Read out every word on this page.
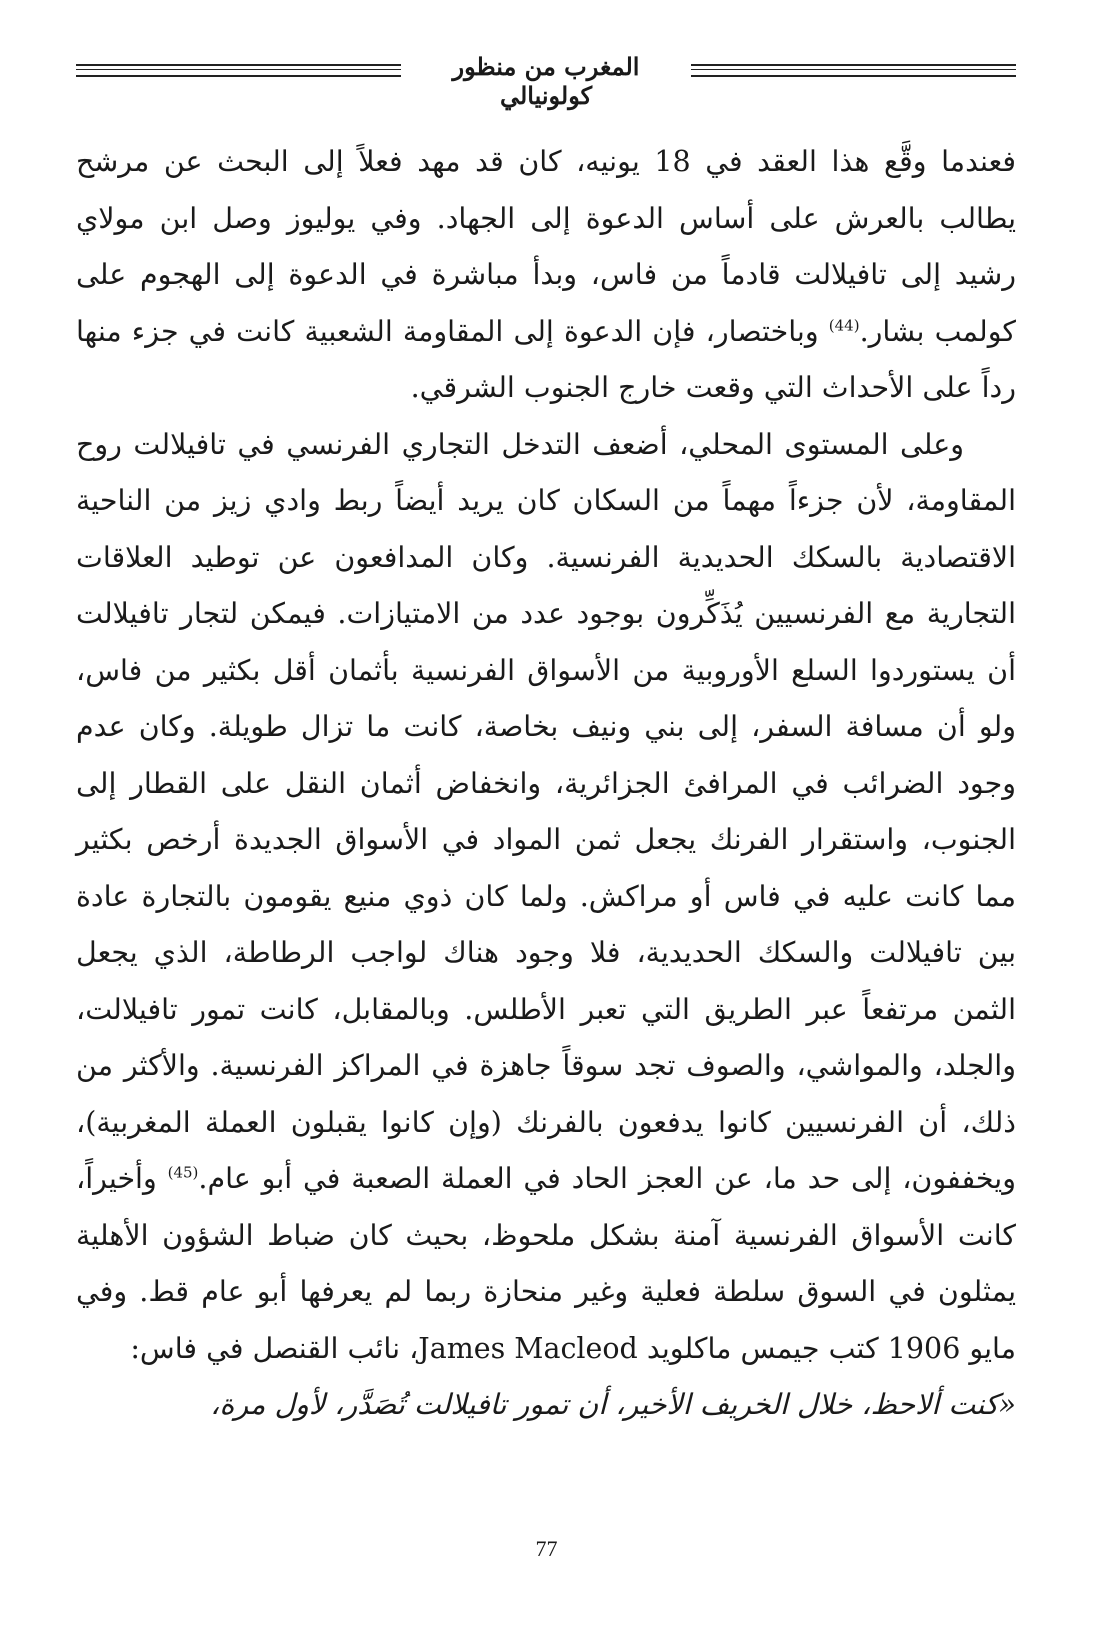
المغرب من منظور كولونيالي

فعندما وقَّع هذا العقد في 18 يونيه، كان قد مهد فعلاً إلى البحث عن مرشح يطالب بالعرش على أساس الدعوة إلى الجهاد. وفي يوليوز وصل ابن مولاي رشيد إلى تافيلالت قادماً من فاس، وبدأ مباشرة في الدعوة إلى الهجوم على كولمب بشار.$^{(44)}$ وباختصار، فإن الدعوة إلى المقاومة الشعبية كانت في جزء منها رداً على الأحداث التي وقعت خارج الجنوب الشرقي.

وعلى المستوى المحلي، أضعف التدخل التجاري الفرنسي في تافيلالت روح المقاومة، لأن جزءاً مهماً من السكان كان يريد أيضاً ربط وادي زيز من الناحية الاقتصادية بالسكك الحديدية الفرنسية. وكان المدافعون عن توطيد العلاقات التجارية مع الفرنسيين يُذَكِّرون بوجود عدد من الامتيازات. فيمكن لتجار تافيلالت أن يستوردوا السلع الأوروبية من الأسواق الفرنسية بأثمان أقل بكثير من فاس، ولو أن مسافة السفر، إلى بني ونيف بخاصة، كانت ما تزال طويلة. وكان عدم وجود الضرائب في المرافئ الجزائرية، وانخفاض أثمان النقل على القطار إلى الجنوب، واستقرار الفرنك يجعل ثمن المواد في الأسواق الجديدة أرخص بكثير مما كانت عليه في فاس أو مراكش. ولما كان ذوي منيع يقومون بالتجارة عادة بين تافيلالت والسكك الحديدية، فلا وجود هناك لواجب الرطاطة، الذي يجعل الثمن مرتفعاً عبر الطريق التي تعبر الأطلس. وبالمقابل، كانت تمور تافيلالت، والجلد، والمواشي، والصوف تجد سوقاً جاهزة في المراكز الفرنسية. والأكثر من ذلك، أن الفرنسيين كانوا يدفعون بالفرنك (وإن كانوا يقبلون العملة المغربية)، ويخففون، إلى حد ما، عن العجز الحاد في العملة الصعبة في أبو عام.$^{(45)}$ وأخيراً، كانت الأسواق الفرنسية آمنة بشكل ملحوظ، بحيث كان ضباط الشؤون الأهلية يمثلون في السوق سلطة فعلية وغير منحازة ربما لم يعرفها أبو عام قط. وفي مايو 1906 كتب جيمس ماكلويد James Macleod، نائب القنصل في فاس:

«كنت ألاحظ، خلال الخريف الأخير، أن تمور تافيلالت تُصَدَّر، لأول مرة،

77
